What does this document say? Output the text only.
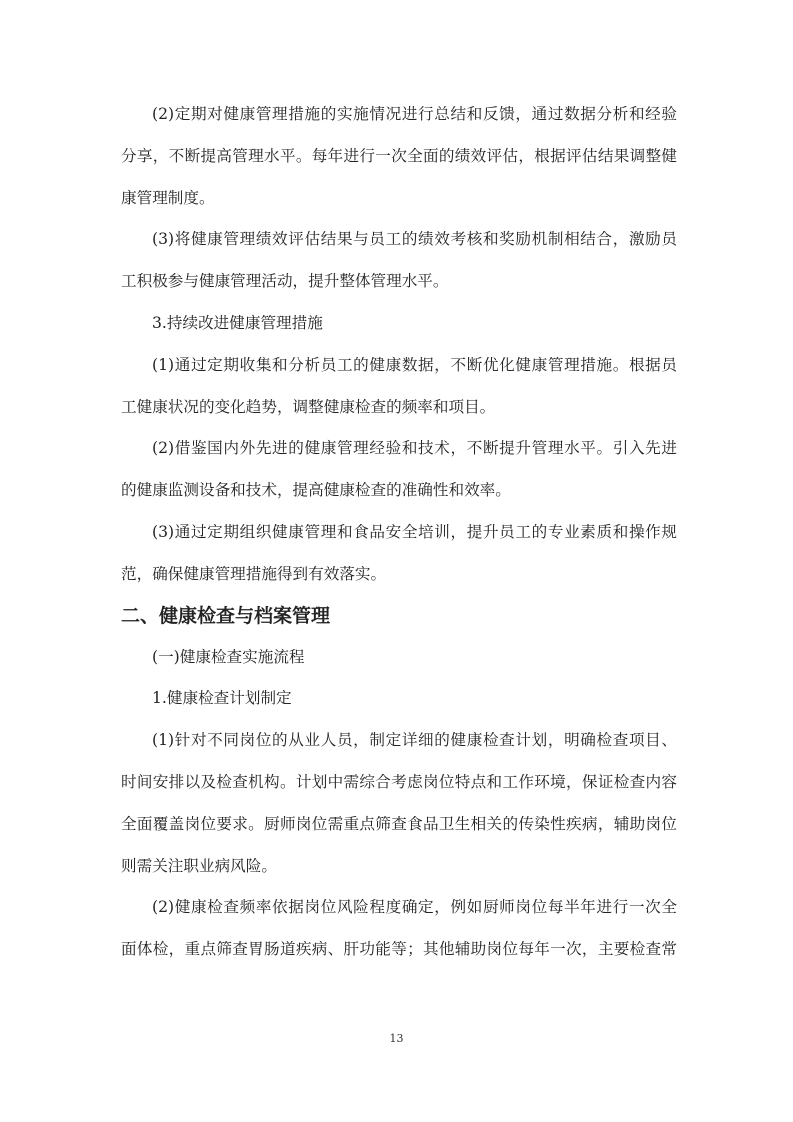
(2)定期对健康管理措施的实施情况进行总结和反馈，通过数据分析和经验
分享，不断提高管理水平。每年进行一次全面的绩效评估，根据评估结果调整健
康管理制度。
(3)将健康管理绩效评估结果与员工的绩效考核和奖励机制相结合，激励员
工积极参与健康管理活动，提升整体管理水平。
3.持续改进健康管理措施
(1)通过定期收集和分析员工的健康数据，不断优化健康管理措施。根据员
工健康状况的变化趋势，调整健康检查的频率和项目。
(2)借鉴国内外先进的健康管理经验和技术，不断提升管理水平。引入先进
的健康监测设备和技术，提高健康检查的准确性和效率。
(3)通过定期组织健康管理和食品安全培训，提升员工的专业素质和操作规
范，确保健康管理措施得到有效落实。
二、健康检查与档案管理
(一)健康检查实施流程
1.健康检查计划制定
(1)针对不同岗位的从业人员，制定详细的健康检查计划，明确检查项目、
时间安排以及检查机构。计划中需综合考虑岗位特点和工作环境，保证检查内容
全面覆盖岗位要求。厨师岗位需重点筛查食品卫生相关的传染性疾病，辅助岗位
则需关注职业病风险。
(2)健康检查频率依据岗位风险程度确定，例如厨师岗位每半年进行一次全
面体检，重点筛查胃肠道疾病、肝功能等；其他辅助岗位每年一次，主要检查常
13
